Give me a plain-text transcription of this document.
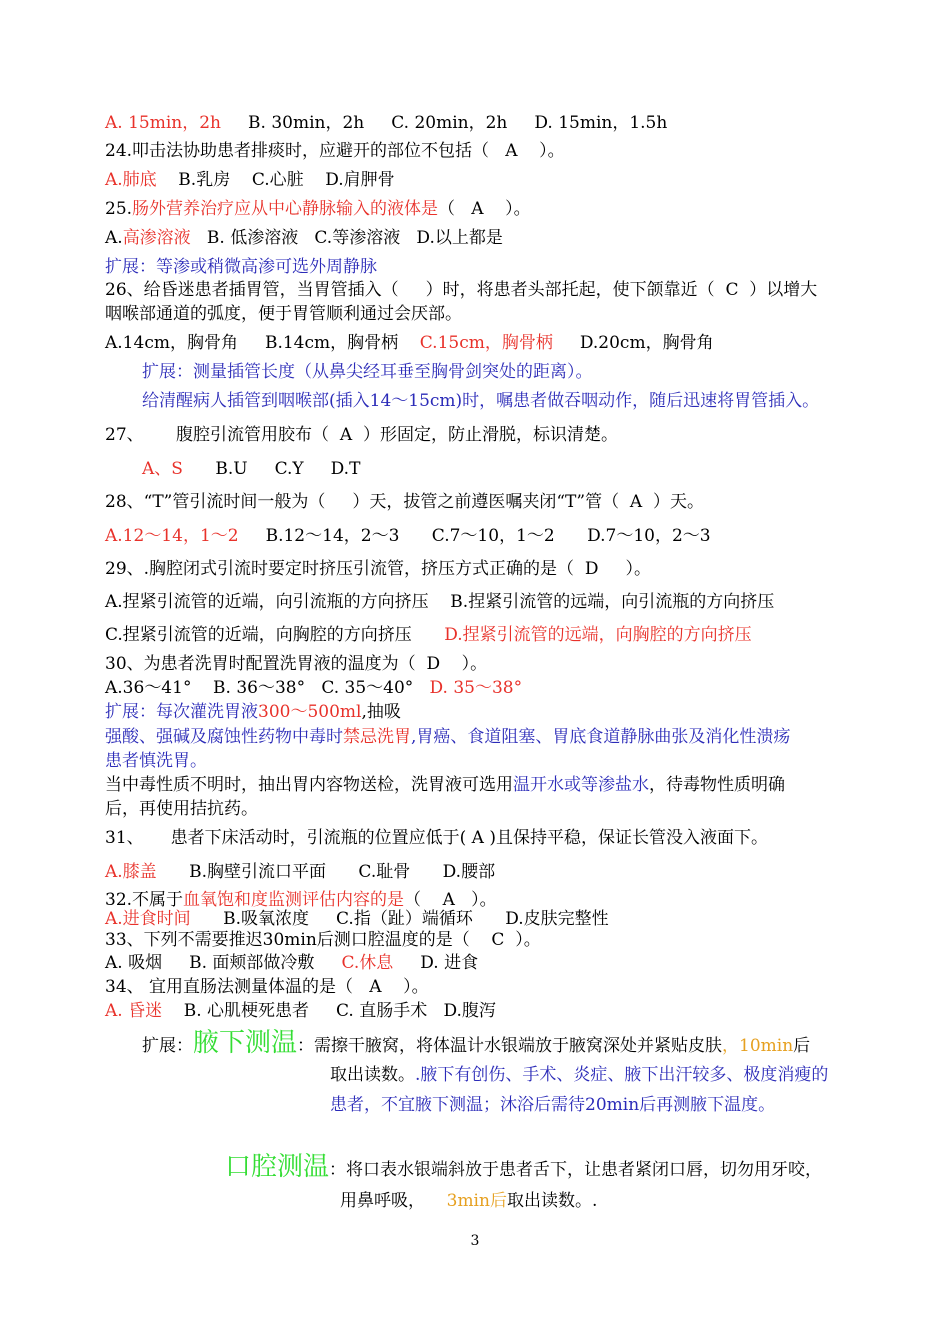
A. 15min，2h     B. 30min，2h     C. 20min，2h     D. 15min，1.5h
24.叩击法协助患者排痰时，应避开的部位不包括（   A    ）。
A.肺底    B.乳房    C.心脏    D.肩胛骨
25.肠外营养治疗应从中心静脉输入的液体是（   A    ）。
A.高渗溶液   B. 低渗溶液   C.等渗溶液   D.以上都是
扩展：等渗或稍微高渗可选外周静脉
26、给昏迷患者插胃管，当胃管插入（     ）时，将患者头部托起，使下颌靠近（  C  ）以增大
咽喉部通道的弧度，便于胃管顺利通过会厌部。
A.14cm，胸骨角     B.14cm，胸骨柄    C.15cm，胸骨柄     D.20cm，胸骨角
扩展：测量插管长度（从鼻尖经耳垂至胸骨剑突处的距离）。
给清醒病人插管到咽喉部(插入14～15cm)时，嘱患者做吞咽动作，随后迅速将胃管插入。
27、      腹腔引流管用胶布（  A  ）形固定，防止滑脱，标识清楚。
A、S      B.U     C.Y     D.T
28、“T”管引流时间一般为（     ）天，拔管之前遵医嘱夹闭“T”管（  A  ）天。
A.12～14，1～2     B.12～14，2～3      C.7～10，1～2      D.7～10，2～3
29、.胸腔闭式引流时要定时挤压引流管，挤压方式正确的是（  D     ）。
A.捏紧引流管的近端，向引流瓶的方向挤压    B.捏紧引流管的远端，向引流瓶的方向挤压
C.捏紧引流管的近端，向胸腔的方向挤压      D.捏紧引流管的远端，向胸腔的方向挤压
30、为患者洗胃时配置洗胃液的温度为（  D    ）。
A.36～41°    B. 36～38°   C. 35～40°   D. 35～38°
扩展：每次灌洗胃液300～500ml,抽吸
强酸、强碱及腐蚀性药物中毒时禁忌洗胃,胃癌、食道阻塞、胃底食道静脉曲张及消化性溃疡
患者慎洗胃。
当中毒性质不明时，抽出胃内容物送检，洗胃液可选用温开水或等渗盐水，待毒物性质明确
后，再使用拮抗药。
31、     患者下床活动时，引流瓶的位置应低于( A )且保持平稳，保证长管没入液面下。
A.膝盖      B.胸壁引流口平面      C.耻骨      D.腰部
32.不属于血氧饱和度监测评估内容的是（    A   ）。
A.进食时间      B.吸氧浓度     C.指（趾）端循环      D.皮肤完整性
33、下列不需要推迟30min后测口腔温度的是（    C  ）。
A. 吸烟     B. 面颊部做冷敷     C.休息     D. 进食
34、 宜用直肠法测量体温的是（   A    ）。
A. 昏迷    B. 心肌梗死患者     C. 直肠手术   D.腹泻
扩展：腋下测温：需擦干腋窝，将体温计水银端放于腋窝深处并紧贴皮肤，10min后
取出读数。.腋下有创伤、手术、炎症、腋下出汗较多、极度消瘦的
患者，不宜腋下测温；沐浴后需待20min后再测腋下温度。
口腔测温：将口表水银端斜放于患者舌下，让患者紧闭口唇，切勿用牙咬，
用鼻呼吸，    3min后取出读数。.
3
